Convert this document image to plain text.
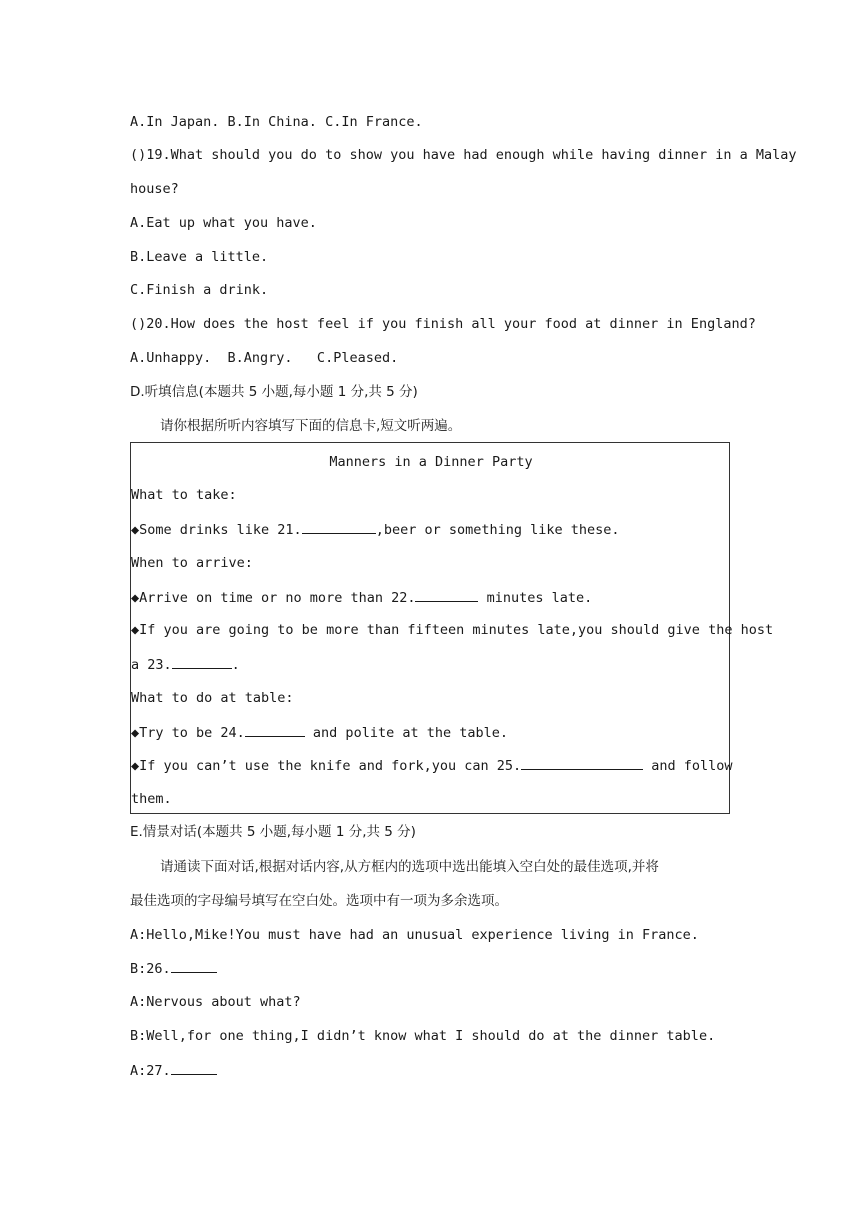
A.In Japan. B.In China. C.In France.
()19.What should you do to show you have had enough while having dinner in a Malay
house?
A.Eat up what you have.
B.Leave a little.
C.Finish a drink.
()20.How does the host feel if you finish all your food at dinner in England?
A.Unhappy.  B.Angry.   C.Pleased.
D.听填信息(本题共 5 小题,每小题 1 分,共 5 分)
请你根据所听内容填写下面的信息卡,短文听两遍。
Manners in a Dinner Party
What to take:
◆Some drinks like 21.	,beer or something like these.
When to arrive:
◆Arrive on time or no more than 22.	minutes late.
◆If you are going to be more than fifteen minutes late,you should give the host
a 23.	.
What to do at table:
◆Try to be 24.	and polite at the table.
◆If you can’t use the knife and fork,you can 25.	and follow
them.
E.情景对话(本题共 5 小题,每小题 1 分,共 5 分)
请通读下面对话,根据对话内容,从方框内的选项中选出能填入空白处的最佳选项,并将
最佳选项的字母编号填写在空白处。选项中有一项为多余选项。
A:Hello,Mike!You must have had an unusual experience living in France.
B:26.
A:Nervous about what?
B:Well,for one thing,I didn’t know what I should do at the dinner table.
A:27.
